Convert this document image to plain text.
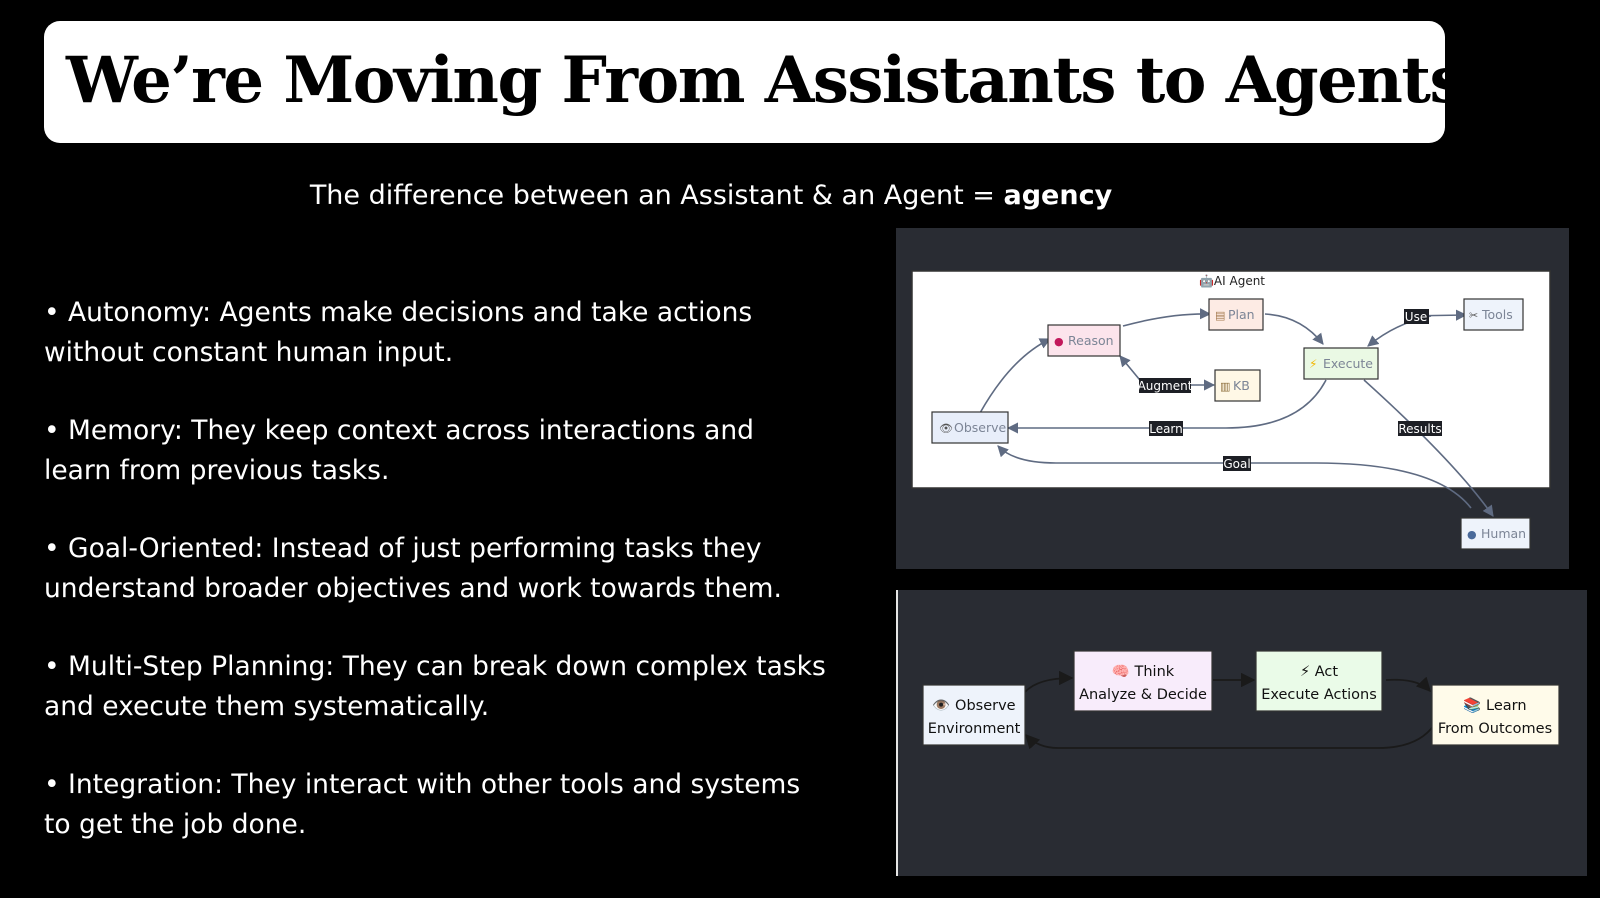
We’re Moving From Assistants to Agents
The difference between an Assistant & an Agent = agency
• Autonomy: Agents make decisions and take actions
without constant human input.
• Memory: They keep context across interactions and
learn from previous tasks.
• Goal-Oriented: Instead of just performing tasks they
understand broader objectives and work towards them.
• Multi-Step Planning: They can break down complex tasks
and execute them systematically.
• Integration: They interact with other tools and systems
to get the job done.
🤖AI Agent
Augment
Use
Learn	Results
Goal
👁 Observe
● Reason
▤ Plan
⚡ Execute
▥ KB
✂ Tools
● Human
👁️ Observe
Environment
🧠 Think
Analyze & Decide
⚡ Act
Execute Actions
📚 Learn
From Outcomes
